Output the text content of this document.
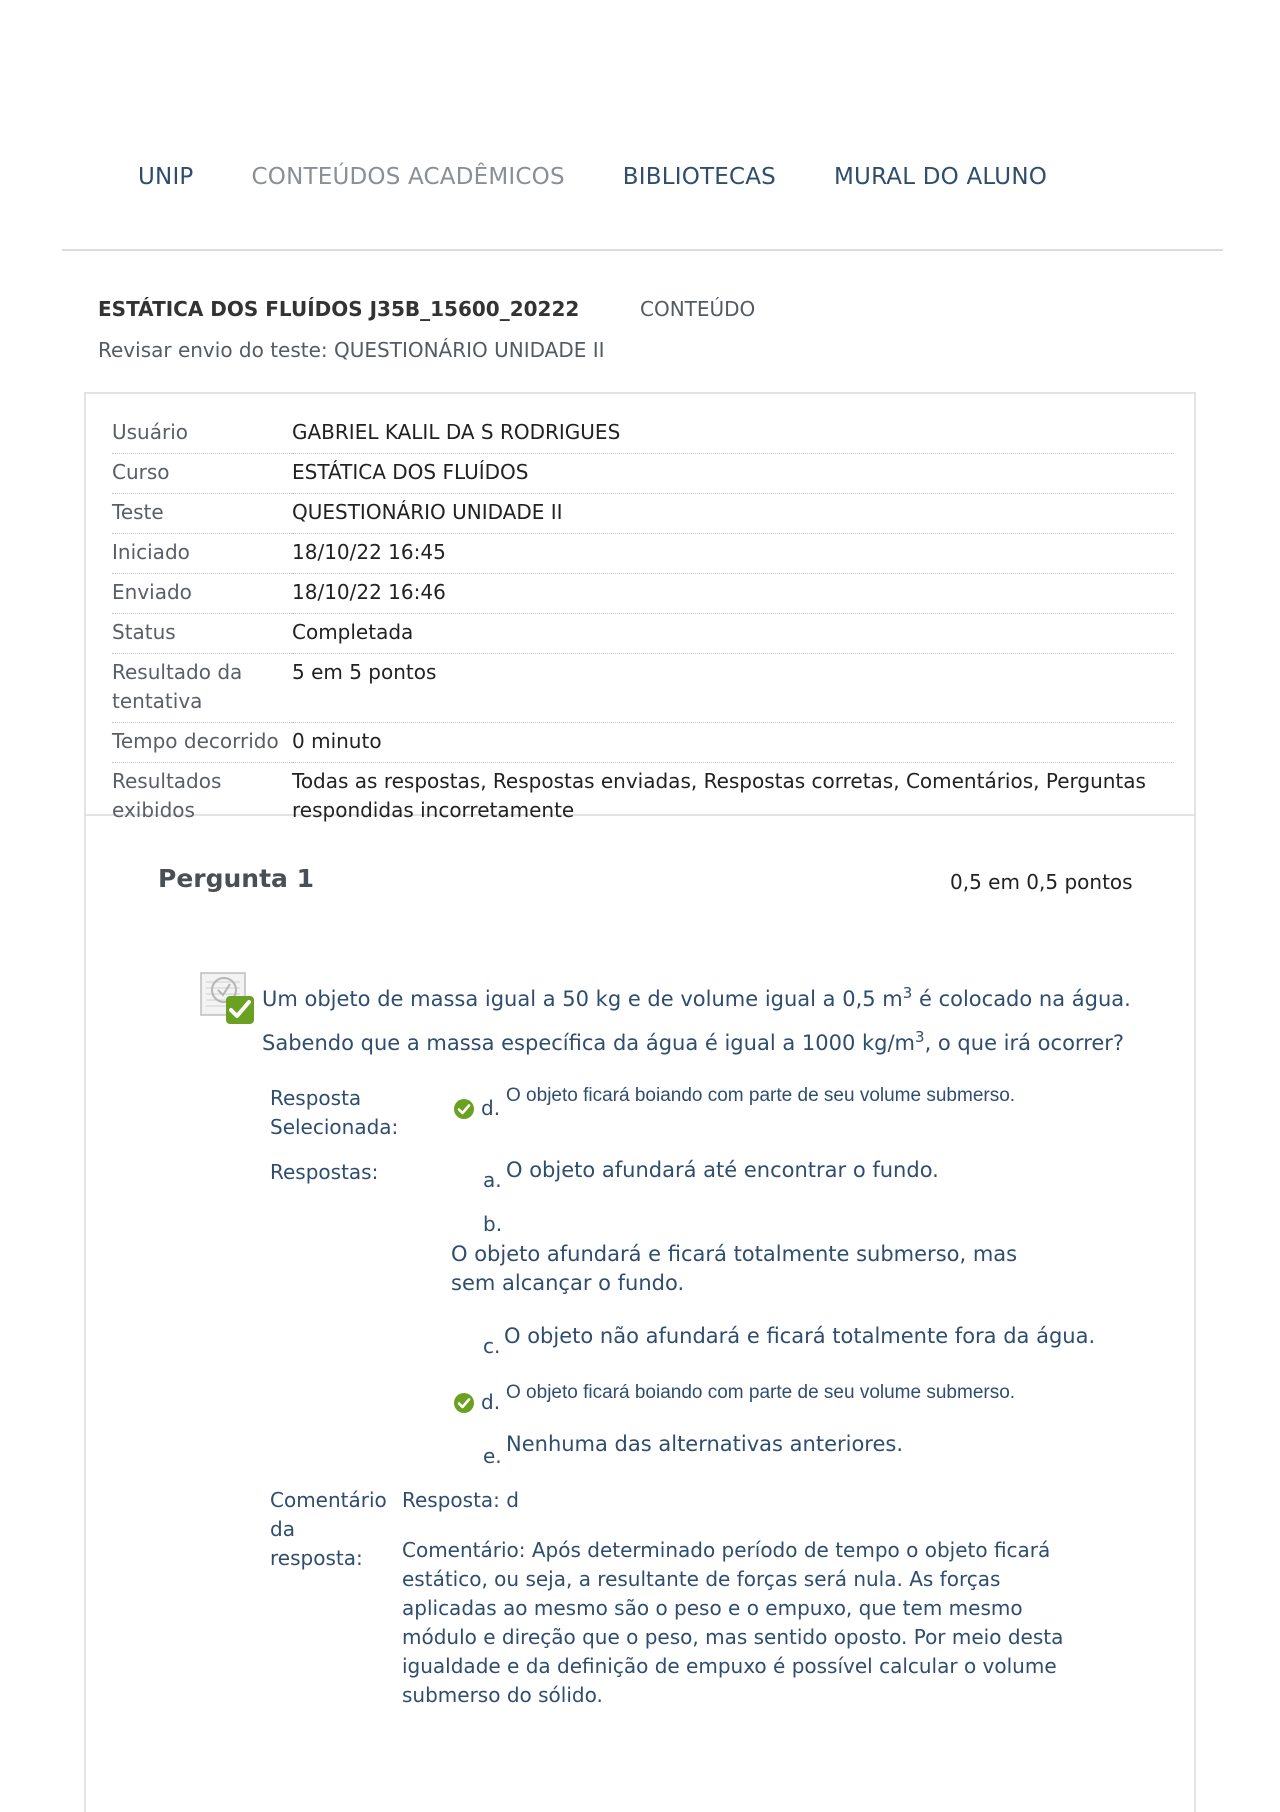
UNIP	CONTEÚDOS ACADÊMICOS	BIBLIOTECAS	MURAL DO ALUNO
ESTÁTICA DOS FLUÍDOS J35B_15600_20222	CONTEÚDO
Revisar envio do teste: QUESTIONÁRIO UNIDADE II
Usuário	GABRIEL KALIL DA S RODRIGUES
Curso	ESTÁTICA DOS FLUÍDOS
Teste	QUESTIONÁRIO UNIDADE II
Iniciado	18/10/22 16:45
Enviado	18/10/22 16:46
Status	Completada
Resultado da tentativa	5 em 5 pontos
Tempo decorrido	0 minuto
Resultados exibidos	Todas as respostas, Respostas enviadas, Respostas corretas, Comentários, Perguntas respondidas incorretamente
Pergunta 1	0,5 em 0,5 pontos
Um objeto de massa igual a 50 kg e de volume igual a 0,5 $m^3$ é colocado na água.
Sabendo que a massa específica da água é igual a 1000 $kg/m^3$, o que irá ocorrer?
Resposta Selecionada:
d.
O objeto ficará boiando com parte de seu volume submerso.
Respostas:	a. O objeto afundará até encontrar o fundo.
b.
O objeto afundará e ficará totalmente submerso, mas sem alcançar o fundo.
c. O objeto não afundará e ficará totalmente fora da água.
d. O objeto ficará boiando com parte de seu volume submerso.
e. Nenhuma das alternativas anteriores.
Comentário da resposta:
Resposta: d
Comentário: Após determinado período de tempo o objeto ficará estático, ou seja, a resultante de forças será nula. As forças aplicadas ao mesmo são o peso e o empuxo, que tem mesmo módulo e direção que o peso, mas sentido oposto. Por meio desta igualdade e da definição de empuxo é possível calcular o volume submerso do sólido.
